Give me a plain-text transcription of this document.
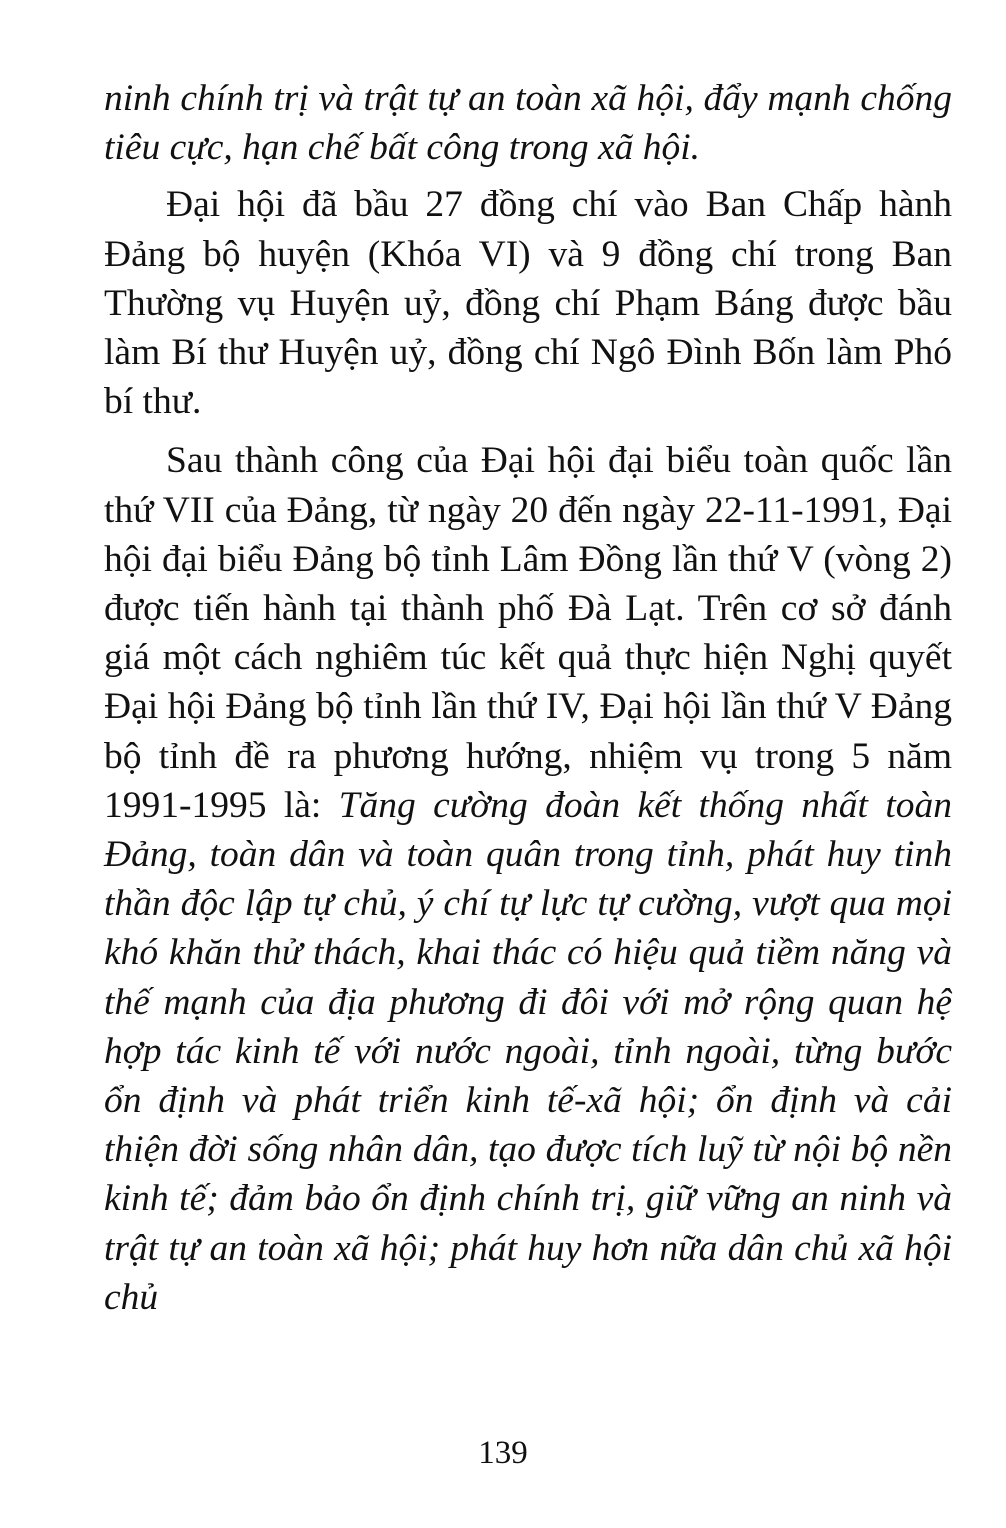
ninh chính trị và trật tự an toàn xã hội, đẩy mạnh chống tiêu cực, hạn chế bất công trong xã hội.

Đại hội đã bầu 27 đồng chí vào Ban Chấp hành Đảng bộ huyện (Khóa VI) và 9 đồng chí trong Ban Thường vụ Huyện uỷ, đồng chí Phạm Báng được bầu làm Bí thư Huyện uỷ, đồng chí Ngô Đình Bốn làm Phó bí thư.

Sau thành công của Đại hội đại biểu toàn quốc lần thứ VII của Đảng, từ ngày 20 đến ngày 22-11-1991, Đại hội đại biểu Đảng bộ tỉnh Lâm Đồng lần thứ V (vòng 2) được tiến hành tại thành phố Đà Lạt. Trên cơ sở đánh giá một cách nghiêm túc kết quả thực hiện Nghị quyết Đại hội Đảng bộ tỉnh lần thứ IV, Đại hội lần thứ V Đảng bộ tỉnh đề ra phương hướng, nhiệm vụ trong 5 năm 1991-1995 là: Tăng cường đoàn kết thống nhất toàn Đảng, toàn dân và toàn quân trong tỉnh, phát huy tinh thần độc lập tự chủ, ý chí tự lực tự cường, vượt qua mọi khó khăn thử thách, khai thác có hiệu quả tiềm năng và thế mạnh của địa phương đi đôi với mở rộng quan hệ hợp tác kinh tế với nước ngoài, tỉnh ngoài, từng bước ổn định và phát triển kinh tế-xã hội; ổn định và cải thiện đời sống nhân dân, tạo được tích luỹ từ nội bộ nền kinh tế; đảm bảo ổn định chính trị, giữ vững an ninh và trật tự an toàn xã hội; phát huy hơn nữa dân chủ xã hội chủ

139
